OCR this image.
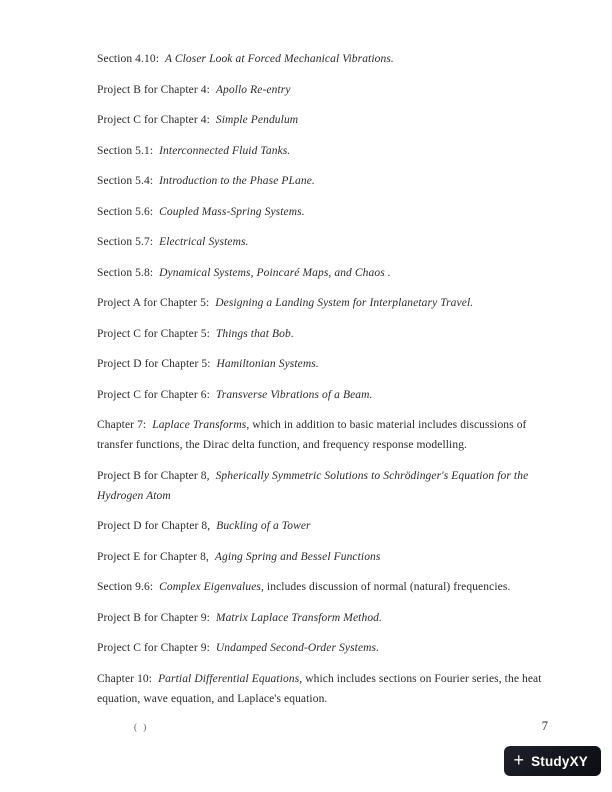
Section 4.10: A Closer Look at Forced Mechanical Vibrations.

Project B for Chapter 4: Apollo Re-entry

Project C for Chapter 4: Simple Pendulum

Section 5.1: Interconnected Fluid Tanks.

Section 5.4: Introduction to the Phase PLane.

Section 5.6: Coupled Mass-Spring Systems.

Section 5.7: Electrical Systems.

Section 5.8: Dynamical Systems, Poincaré Maps, and Chaos .

Project A for Chapter 5: Designing a Landing System for Interplanetary Travel.

Project C for Chapter 5: Things that Bob.

Project D for Chapter 5: Hamiltonian Systems.

Project C for Chapter 6: Transverse Vibrations of a Beam.

Chapter 7: Laplace Transforms, which in addition to basic material includes discussions of transfer functions, the Dirac delta function, and frequency response modelling.

Project B for Chapter 8, Spherically Symmetric Solutions to Schrödinger's Equation for the Hydrogen Atom

Project D for Chapter 8, Buckling of a Tower

Project E for Chapter 8, Aging Spring and Bessel Functions

Section 9.6: Complex Eigenvalues, includes discussion of normal (natural) frequencies.

Project B for Chapter 9: Matrix Laplace Transform Method.

Project C for Chapter 9: Undamped Second-Order Systems.

Chapter 10: Partial Differential Equations, which includes sections on Fourier series, the heat equation, wave equation, and Laplace's equation.

( )	7
+ StudyXY
